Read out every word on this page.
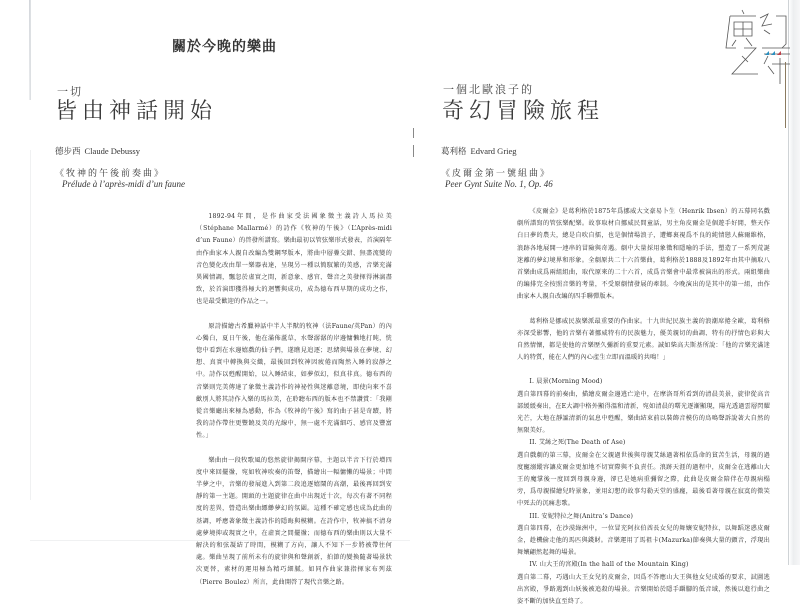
關於今晚的樂曲
一切
皆由神話開始
德步西 Claude Debussy
《牧神的午後前奏曲》
Prélude à l’après-midi d’un faune

1892-94年間，是作曲家受法國象徵主義詩人馬拉美（Stéphane Mallarmé）的詩作《牧神的午後》（L’Après-midi d’un Faune）的啓發所譜寫。樂曲最初以管弦樂形式發表，首演隔年由作曲家本人親自改編為雙鋼琴版本，將曲中層疊交錯、無盡流變的音色變化改由單一樂器表達，呈現另一種以簡馭繁的美感，音樂充滿異國情調，飄忽於虛實之間，新意象、感官、聲音之美發揮得淋漓盡致，於首演即獲得極大的迴響與成功，成為德布西早期的成功之作，也是最受歡迎的作品之一。

原詩描繪古希臘神話中半人半獸的牧神（法Faune/英Pan）的內心獨白，夏日午後，他在滿佈蘆草，水聲潺潺的岸邊慵懶地打盹，恍惚中看到在水邊嬉戲的仙子們，遂瞧見追逐；思緒與場景在夢境、幻想、真實中轉換與交織，最後回到牧神因疲倦而陶然入睡的寂靜之中。詩作以甦醒開始，以入睡結束，如夢似幻，似真非真。德布西的音樂則完美傳達了象徵主義詩作的神祕性與迷離意境，即使向來不喜歡別人將其詩作入樂的馬拉美，在聆聽布西的版本也不禁讚賞：「我剛從音樂廳出來極為感動，作為《牧神的午後》寫的曲子甚是奇蹟，將我的詩作帶往更豐饒及美的光線中，無一處不充滿細巧、感官及豐富性。」

樂曲由一段牧歌風的悠然旋律揭開序幕，主題以半音下行於增四度中來回擺盪，宛如牧神吹奏的笛聲，描繪出一幅慵懶的場景；中間半夢之中，音樂的發展進入到第二段追逐嬉鬧的高潮，最後再回到安靜的第一主題。開頭的主題旋律在曲中出現近十次，每次有著不同程度的差異，營造出樂曲縹緲夢幻的氛圍。這種不確定感也成為此曲的基調，呼應著象徵主義詩作的隱晦與模糊。在詩作中，牧神搞不清身處夢境抑或現實之中，在虛實之間擺盪；而德布西的樂曲則以大量不解決的和弦凝結了時間，模糊了方向，讓人不知下一步將被帶往何處。樂曲呈現了前所未有的旋律與和聲創新，拍節的變換隨著場景狀次更替，素材的運用極為精巧細膩。如同作曲家兼指揮家布列茲（Pierre Boulez）所言，此曲開啓了現代音樂之路。

一個北歐浪子的
奇幻冒險旅程
葛利格 Edvard Grieg
《皮爾金第一號組曲》
Peer Gynt Suite No. 1, Op. 46

《皮爾金》是葛利格於1875年爲挪威大文豪易卜生（Henrik Ibsen）的五幕同名戲劇所譜寫的管弦樂配樂。故事取材自挪威民間童話，男主角皮爾金是個遊手好閒，整天作白日夢的農夫，總是自吹自擂，也是個情場浪子，遭鄉裏視爲不良的純情戀人蘇爾維格，浪跡各地展開一連串的冒險與奇遇。劇中大量採用象徵和隱喻的手法，塑造了一系列荒誕迷離的夢幻境界和形象。全劇原共二十六首樂曲，葛利格於1888及1892年由其中摘取八首樂曲成爲兩組組曲，取代原來的二十六首，成爲音樂會中最常被演出的形式。兩組樂曲的編排完全按照音樂的考量，不受原劇情發展的牽制。今晚演出的是其中的第一組，由作曲家本人親自改編的四手聯彈版本。

葛利格是挪威民族樂派最重要的作曲家。十九世紀民族主義的浪潮席捲全歐，葛利格亦深受影響，他的音樂有著挪威特有的民族魅力，優美親切的曲調、特有的抒情色彩與大自然情懷，都是使他的音樂歷久彌新的重要元素。誠如柴高夫斯基所說：「他的音樂充滿迷人的特質，能在人們的內心產生立即而溫暖的共鳴！」

I. 晨景(Morning Mood)
選自第四幕的前奏曲，描繪皮爾金邊逃亡途中，在摩洛哥所看到的清晨美景，旋律從高音部緩緩奏出，在E大調中格外顯得溫和清新，宛如清晨的曙光逐漸顯現，陽光透過雲層閃耀光芒，大地在靜謐清新的氣息中甦醒，樂曲結束前以裝飾音模仿的鳥鳴聲訴說著大自然的無限美好。
II. 艾絲之死(The Death of Ase)
選自戲劇的第三幕，皮爾金在父親過世後與母親艾絲過著相依爲命的貧苦生活，母親的過度寵溺縱容讓皮爾金更加地不切實際與不負責任。浪跡天涯的過程中，皮爾金在逃離山大王的魔掌後一度回到母親身邊，卻已是她病重彌留之際，此曲是皮爾金陪伴在母親病榻旁，爲母親描繪兒時景象，並用幻想的故事勾勒天堂的盛龐，最後看著母親在寂寞的微笑中死去的沉痛悲歌。
III. 安妮特拉之舞(Anitra’s Dance)
選自第四幕，在沙漠綠洲中，一位冒充阿拉伯酋長女兒的舞孃安妮特拉，以舞蹈迷惑皮爾金，趁機偷走他的馬匹與錢財。音樂運用了馬祖卡(Mazurka)節奏與大量的顫音，浮現出舞孃翩然起舞的場景。
IV. 山大王的宮殿(In the hall of the Mountain King)
選自第二幕，巧遇山大王女兒的皮爾金，因爲不答應山大王與他女兒成婚的要求，試圖逃出宮殿，爭路遇到山妖後被追殺的場景。音樂開始於隱手躡腳的低音域，然後以進行曲之姿不斷的加快直至終了。
